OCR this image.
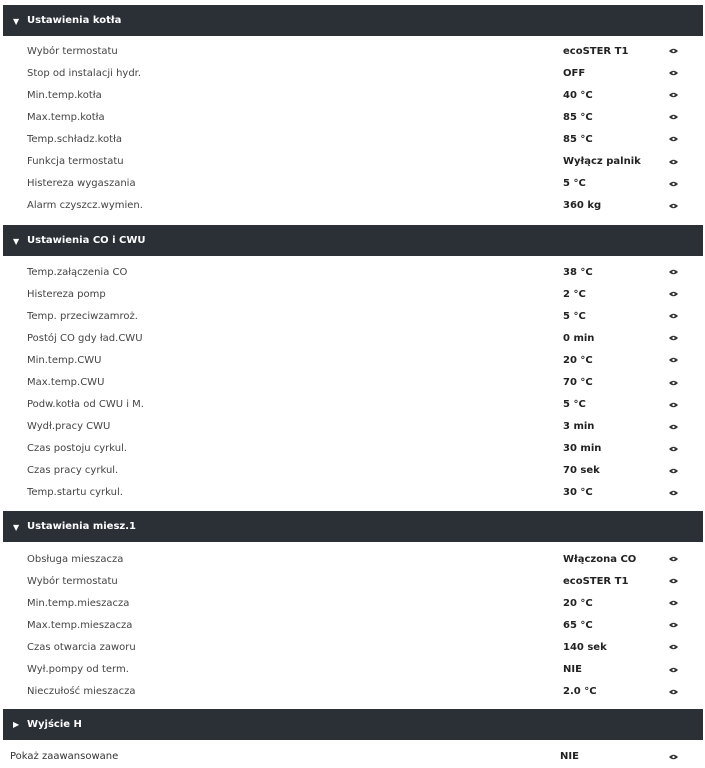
▼ Ustawienia kotła
Wybór termostatu	ecoSTER T1
Stop od instalacji hydr.	OFF
Min.temp.kotła	40 °C
Max.temp.kotła	85 °C
Temp.schładz.kotła	85 °C
Funkcja termostatu	Wyłącz palnik
Histereza wygaszania	5 °C
Alarm czyszcz.wymien.	360 kg
▼ Ustawienia CO i CWU
Temp.załączenia CO	38 °C
Histereza pomp	2 °C
Temp. przeciwzamroż.	5 °C
Postój CO gdy ład.CWU	0 min
Min.temp.CWU	20 °C
Max.temp.CWU	70 °C
Podw.kotła od CWU i M.	5 °C
Wydł.pracy CWU	3 min
Czas postoju cyrkul.	30 min
Czas pracy cyrkul.	70 sek
Temp.startu cyrkul.	30 °C
▼ Ustawienia miesz.1
Obsługa mieszacza	Włączona CO
Wybór termostatu	ecoSTER T1
Min.temp.mieszacza	20 °C
Max.temp.mieszacza	65 °C
Czas otwarcia zaworu	140 sek
Wył.pompy od term.	NIE
Nieczułość mieszacza	2.0 °C
▶ Wyjście H
Pokaż zaawansowane	NIE
